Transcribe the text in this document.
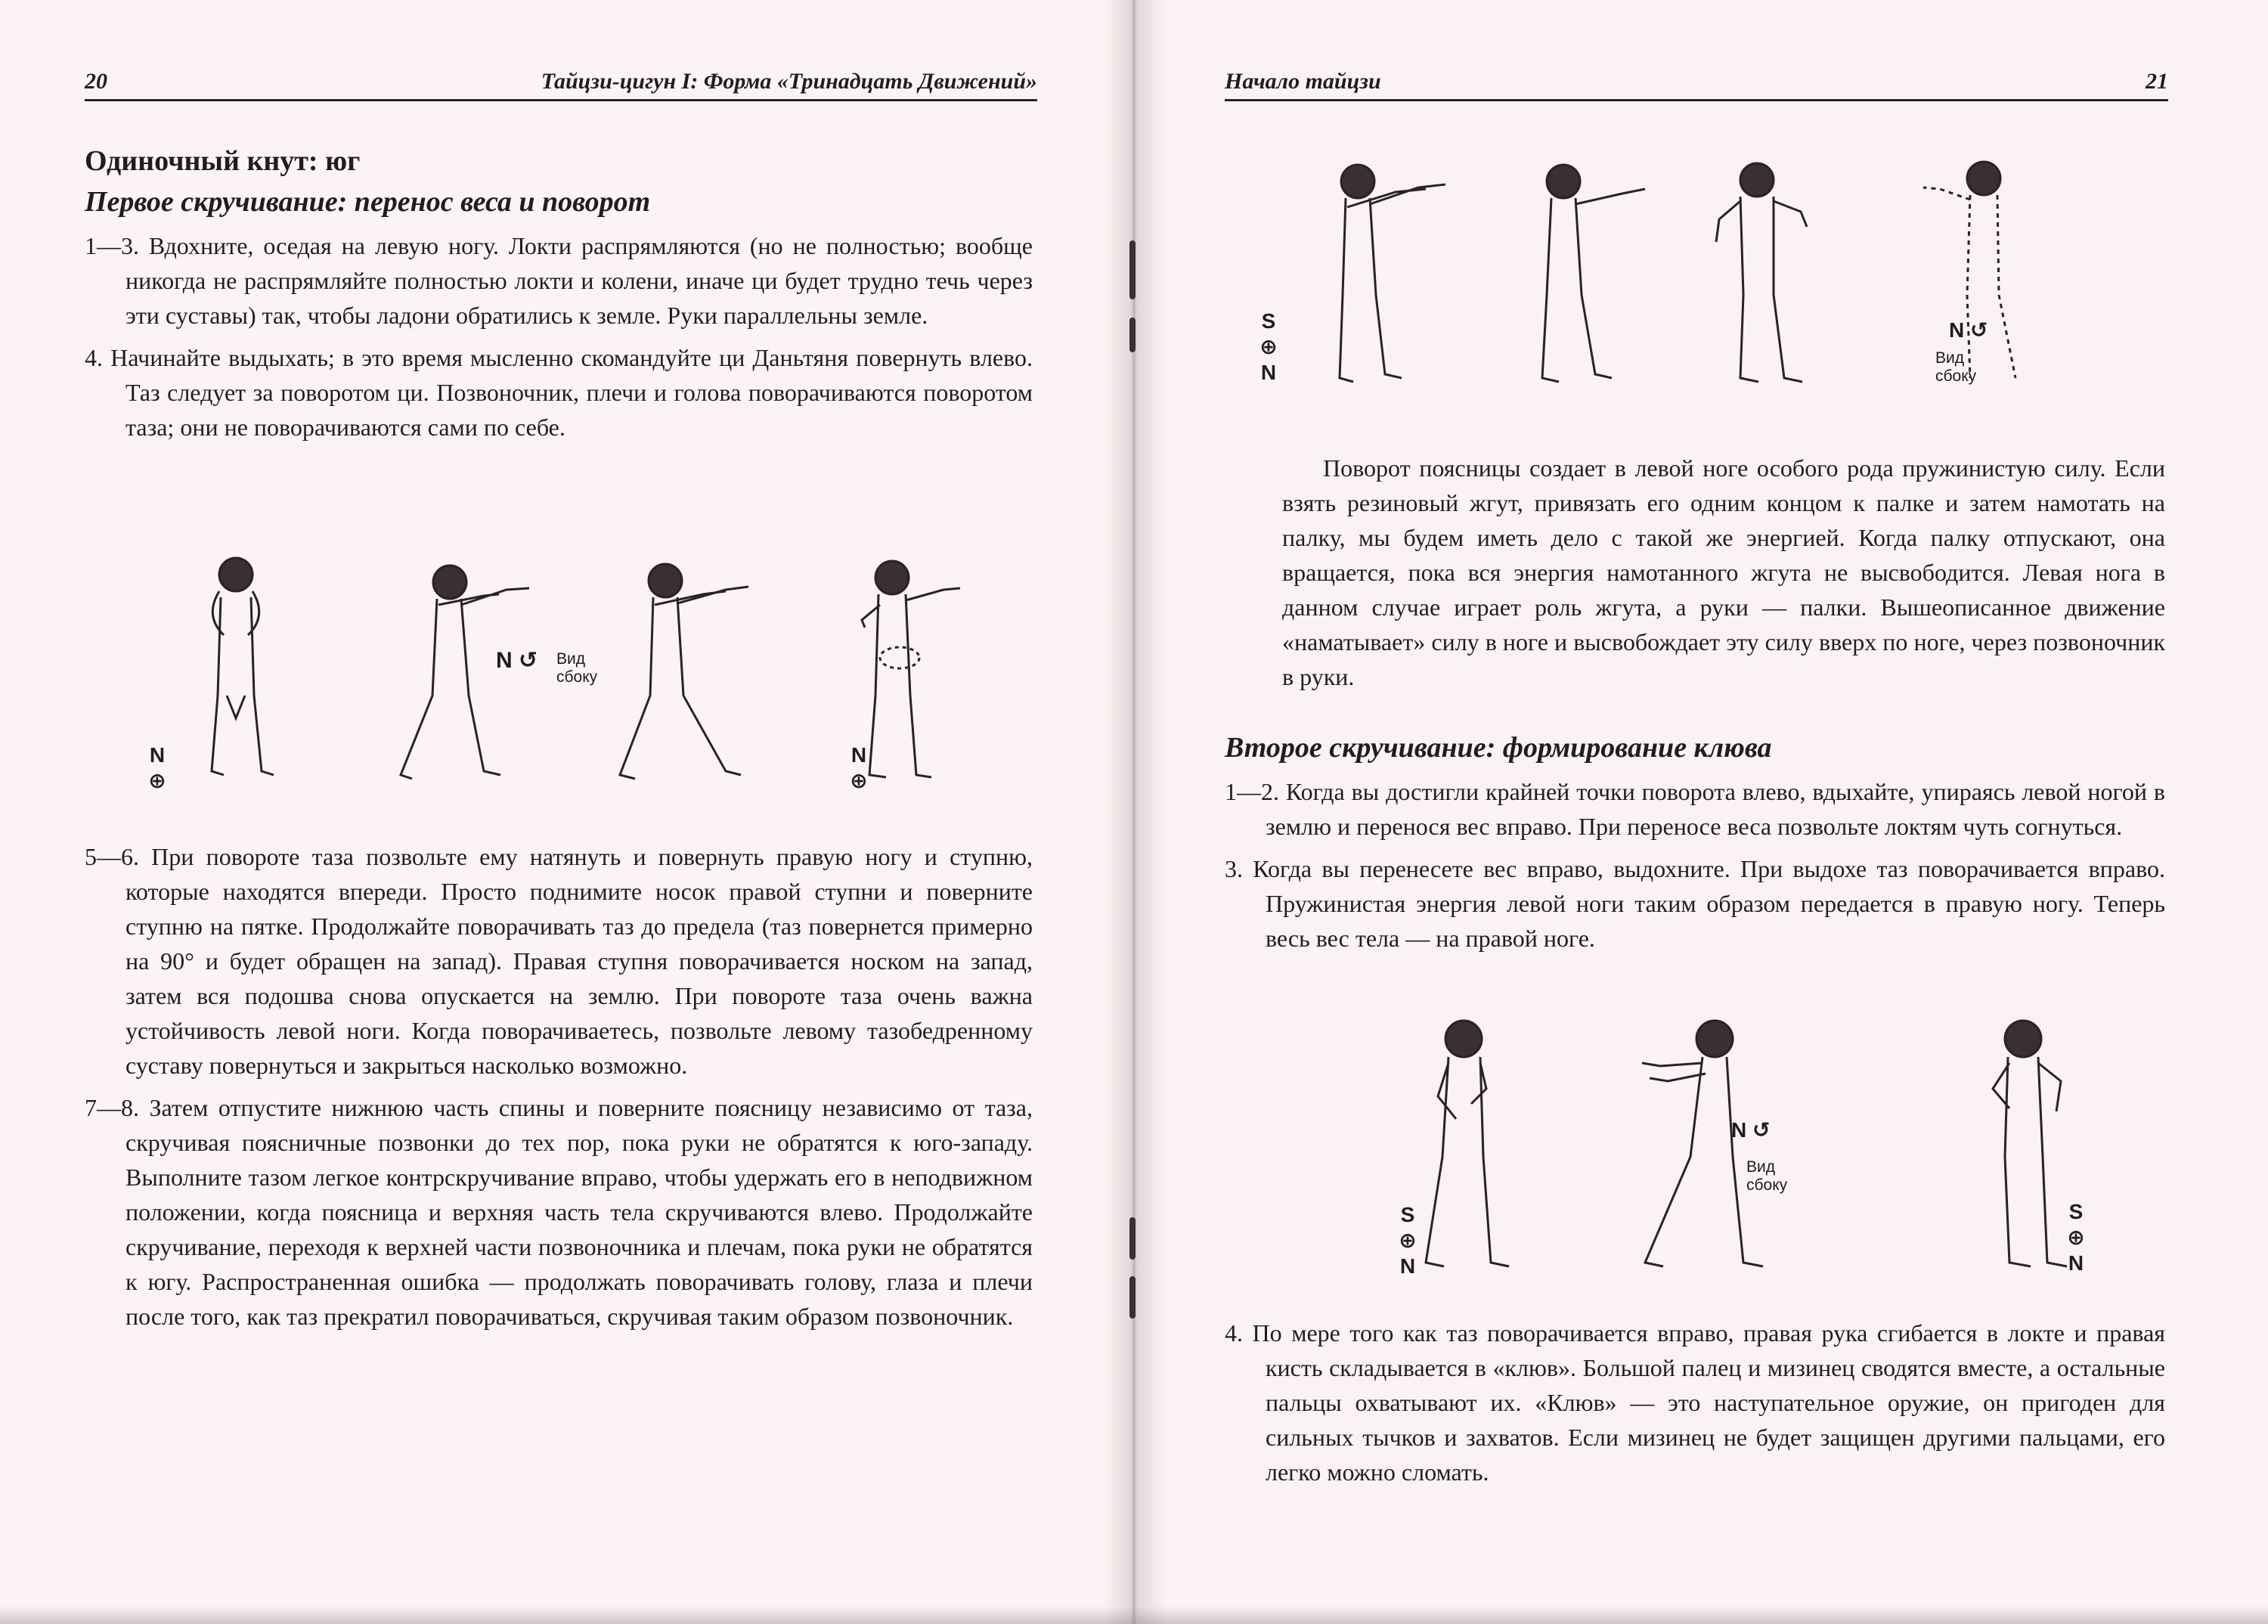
20	Тайцзи-цигун I: Форма «Тринадцать Движений»
Одиночный кнут: юг
Первое скручивание: перенос веса и поворот

1—3. Вдохните, оседая на левую ногу. Локти распрямляются (но не полностью; вообще никогда не распрямляйте полностью локти и колени, иначе ци будет трудно течь через эти суставы) так, чтобы ладони обратились к земле. Руки параллельны земле.

4. Начинайте выдыхать; в это время мысленно скомандуйте ци Даньтяня повернуть влево. Таз следует за поворотом ци. Позвоночник, плечи и голова поворачиваются поворотом таза; они не поворачиваются сами по себе.

N
⊕
N ↺ Вид сбоку
N
⊕

5—6. При повороте таза позвольте ему натянуть и повернуть правую ногу и ступню, которые находятся впереди. Просто поднимите носок правой ступни и поверните ступню на пятке. Продолжайте поворачивать таз до предела (таз повернется примерно на 90° и будет обращен на запад). Правая ступня поворачивается носком на запад, затем вся подошва снова опускается на землю. При повороте таза очень важна устойчивость левой ноги. Когда поворачиваетесь, позвольте левому тазобедренному суставу повернуться и закрыться насколько возможно.

7—8. Затем отпустите нижнюю часть спины и поверните поясницу независимо от таза, скручивая поясничные позвонки до тех пор, пока руки не обратятся к юго-западу. Выполните тазом легкое контрскручивание вправо, чтобы удержать его в неподвижном положении, когда поясница и верхняя часть тела скручиваются влево. Продолжайте скручивание, переходя к верхней части позвоночника и плечам, пока руки не обратятся к югу. Распространенная ошибка — продолжать поворачивать голову, глаза и плечи после того, как таз прекратил поворачиваться, скручивая таким образом позвоночник.

Начало тайцзи	21
S
⊕
N
N ↺
Вид сбоку

Поворот поясницы создает в левой ноге особого рода пружинистую силу. Если взять резиновый жгут, привязать его одним концом к палке и затем намотать на палку, мы будем иметь дело с такой же энергией. Когда палку отпускают, она вращается, пока вся энергия намотанного жгута не высвободится. Левая нога в данном случае играет роль жгута, а руки — палки. Вышеописанное движение «наматывает» силу в ноге и высвобождает эту силу вверх по ноге, через позвоночник в руки.

Второе скручивание: формирование клюва

1—2. Когда вы достигли крайней точки поворота влево, вдыхайте, упираясь левой ногой в землю и перенося вес вправо. При переносе веса позвольте локтям чуть согнуться.

3. Когда вы перенесете вес вправо, выдохните. При выдохе таз поворачивается вправо. Пружинистая энергия левой ноги таким образом передается в правую ногу. Теперь весь вес тела — на правой ноге.

S
⊕
N
N ↺
Вид сбоку
S
⊕
N

4. По мере того как таз поворачивается вправо, правая рука сгибается в локте и правая кисть складывается в «клюв». Большой палец и мизинец сводятся вместе, а остальные пальцы охватывают их. «Клюв» — это наступательное оружие, он пригоден для сильных тычков и захватов. Если мизинец не будет защищен другими пальцами, его легко можно сломать.
